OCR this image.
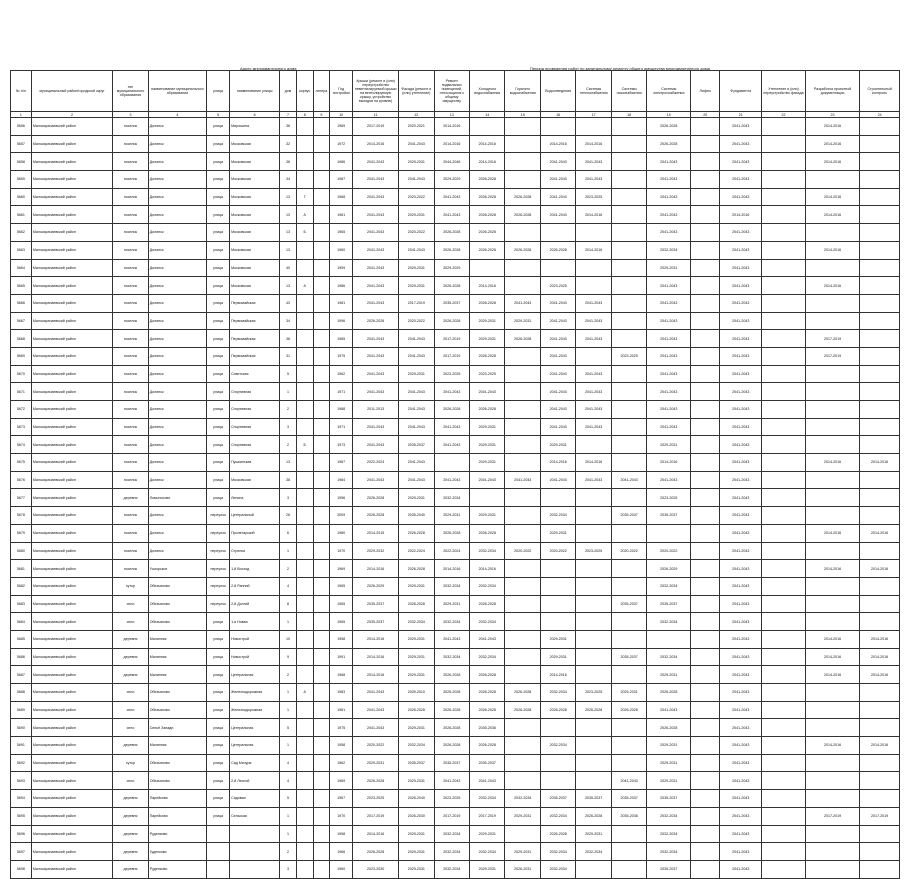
Адрес многоквартирного дома	Период проведения работ по капитальному ремонту общего имущества многоквартирного дома
№ п/п	муниципальный район/городской округ	тип муниципального образования	наименование муниципального образования	улица	наименование улицы	дом	корпус	литера	Год постройки	Крыши (ремонт и (или) переустройство невентилируемой крыши на вентилируемую крышу, устройство выходов на кровлю)	Фасада (ремонт и (или) утепление)	Ремонт подвальных помещений, относящихся к общему имуществу	Холодного водоснабжения	Горячего водоснабжения	Водоотведения	Системы теплоснабжения	Системы газоснабжения	Системы электроснабжения	Лифты	Фундамента	Утепление и (или) переустройство фасада	Разработка проектной документации	Строительный контроль
1	2	3	4	5	6	7	8	9	10	11	12	13	14	15	16	17	18	19	20	21	22	23	24
5656	Малокарачаевский район	поселок	Долинск	улица	Мирошина	36			1969	2017-2019	2020-2021	2014-2016						2026-2028		2041-2043		2014-2016	
5657	Малокарачаевский район	поселок	Долинск	улица	Московская	32			1972	2014-2016	2041-2043	2014-2016	2014-2016		2014-2016	2014-2016		2026-2028		2041-2043		2014-2016	
5658	Малокарачаевский район	поселок	Долинск	улица	Московская	36			1986	2041-2043	2029-2031	2044-2046	2014-2016		2041-2043	2041-2043		2041-2043		2041-2043		2014-2016	
5659	Малокарачаевский район	поселок	Долинск	улица	Московская	34			1987	2041-2043	2041-2043	2029-2029	2026-2028		2041-2043	2041-2043		2041-2043		2041-2043			
5660	Малокарачаевский район	поселок	Долинск	улица	Московская	13	Г		1968	2041-2043	2020-2022	2041-2043	2026-2028	2026-2028	2041-2043	2023-2025		2041-2043		2041-2043		2014-2016	
5661	Малокарачаевский район	поселок	Долинск	улица	Московская	13	А		1961	2041-2043	2029-2031	2041-2043	2026-2028	2026-2028	2041-2043	2014-2016		2041-2043		2014-2016		2014-2016	
5662	Малокарачаевский район	поселок	Долинск	улица	Московская	13	Б		1965	2041-2043	2020-2022	2026-2028	2026-2028					2041-2043		2041-2043			
5663	Малокарачаевский район	поселок	Долинск	улица	Московская	13			1960	2041-2043	2041-2043	2026-2028	2026-2028	2026-2028	2026-2028	2014-2016		2032-2034		2041-2043		2014-2016	
5664	Малокарачаевский район	поселок	Долинск	улица	Московская	40			1959	2041-2043	2029-2031	2029-2029						2029-2031		2041-2043			
5665	Малокарачаевский район	поселок	Долинск	улица	Московская	13	А		1986	2041-2043	2029-2031	2026-2028	2014-2016		2023-2025			2041-2043		2041-2043		2014-2016	
5666	Малокарачаевский район	поселок	Долинск	улица	Первомайская	43			1981	2041-2043	2017-2019	2035-2037	2026-2028	2041-2043	2041-2043	2041-2043		2041-2043		2041-2043			
5667	Малокарачаевский район	поселок	Долинск	улица	Первомайская	34			1996	2026-2028	2020-2022	2026-2028	2029-2031	2029-2031	2041-2043	2041-2043		2041-2043		2041-2043			
5668	Малокарачаевский район	поселок	Долинск	улица	Первомайская	36			1965	2041-2043	2041-2043	2017-2019	2029-2031	2026-2028	2041-2043	2041-2043		2041-2043		2041-2043		2017-2019	
5669	Малокарачаевский район	поселок	Долинск	улица	Первомайская	31			1975	2041-2043	2041-2043	2017-2019	2026-2028		2041-2043		2023-2025	2041-2043		2041-2043		2017-2019	
5670	Малокарачаевский район	поселок	Долинск	улица	Советская	5			1962	2041-2043	2029-2031	2023-2025	2023-2025		2041-2043	2041-2043		2041-2043		2041-2043			
5671	Малокарачаевский район	поселок	Долинск	улица	Спортивная	1			1971	2041-2043	2041-2043	2041-2043	2041-2043		2041-2043	2041-2043		2041-2043		2041-2043			
5672	Малокарачаевский район	поселок	Долинск	улица	Спортивная	2			1988	2011-2013	2041-2043	2026-2028	2026-2028		2041-2043	2041-2043		2041-2043		2041-2043			
5673	Малокарачаевский район	поселок	Долинск	улица	Спортивная	3			1971	2041-2043	2041-2043	2041-2043	2029-2031		2041-2043	2041-2043		2041-2043		2041-2043			
5674	Малокарачаевский район	поселок	Долинск	улица	Спортивная	2	Б		1973	2041-2043	2035-2037	2041-2043	2029-2031		2029-2031			2029-2031		2041-2043			
5675	Малокарачаевский район	поселок	Долинск	улица	Пушкинская	13			1987	2022-2024	2041-2043		2029-2031		2014-2016	2014-2016		2014-2016		2041-2043		2014-2016	2014-2016
5676	Малокарачаевский район	поселок	Долинск	улица	Московская	38			1984	2041-2043	2041-2043	2041-2043	2041-2043	2041-2043	2041-2043	2041-2043	2041-2043	2041-2043		2041-2043			
5677	Малокарачаевский район	деревня	Ломоносово	улица	Ленина	3			1956	2026-2028	2029-2031	2032-2034						2023-2025		2041-2043			
5678	Малокарачаевский район	поселок	Долинск	переулок	Центральный	26			2009	2026-2028	2035-2040	2029-2031	2029-2031		2032-2034		2035-2037	2035-2037		2041-2043			
5679	Малокарачаевский район	поселок	Долинск	переулок	Пролетарский	6			1980	2014-2015	2026-2028	2026-2028	2026-2028		2029-2031					2041-2043		2014-2016	2014-2016
5680	Малокарачаевский район	поселок	Долинск	переулок	Стрелка	1			1970	2029-2032	2022-2024	2022-2024	2032-2034	2020-2022	2020-2022	2023-2025	2020-2022	2020-2022		2041-2043			
5681	Малокарачаевский район	поселок	Ушгорское	переулок	1-й Восход	2			1969	2014-2016	2026-2028	2014-2016	2014-2016					2026-2029		2041-2043		2014-2016	2014-2016
5682	Малокарачаевский район	хутор	Обезьяново	переулок	2-й Ранний	4			1965	2026-2029	2029-2031	2032-2034	2032-2034					2032-2034		2041-2043			
5683	Малокарачаевский район	село	Обезьяново	переулок	2-й Долгий	8			1965	2035-2037	2026-2028	2029-2031	2026-2028				2035-2037	2035-2037		2041-2043			
5684	Малокарачаевский район	село	Обезьяново	улица	1-я Новая	1			1965	2035-2037	2032-2034	2032-2034	2032-2034					2032-2034		2041-2043			
5685	Малокарачаевский район	деревня	Малинник	улица	Новострой	10			1958	2014-2016	2029-2031	2041-2043	2041-2043		2029-2031					2041-2043		2014-2016	2014-2016
5686	Малокарачаевский район	деревня	Малинник	улица	Новострой	9			1991	2014-2016	2029-2031	2032-2034	2032-2034		2029-2031		2035-2037	2032-2034		2041-2043		2014-2016	2014-2016
5687	Малокарачаевский район	деревня	Малинник	улица	Центральная	2			1968	2014-2016	2029-2031	2026-2028	2026-2028		2014-2016			2029-2031		2041-2043		2014-2016	2014-2016
5688	Малокарачаевский район	село	Обезьяново	улица	Железнодорожная	1	А		1983	2041-2043	2009-2010	2026-2028	2026-2028	2026-2028	2032-2034	2023-2025	2029-2031	2026-2028		2041-2043			
5689	Малокарачаевский район	село	Обезьяново	улица	Железнодорожная	1			1981	2041-2043	2026-2028	2026-2028	2026-2028	2026-2028	2026-2028	2026-2028	2026-2028	2041-2043		2041-2043			
5690	Малокарачаевский район	село	Сеньё Западн.	улица	Центральная	5			1975	2041-2043	2029-2031	2026-2028	2035-2036					2026-2028		2041-2043			
5691	Малокарачаевский район	деревня	Малинник	улица	Центральная	1			1958	2020-2022	2032-2034	2026-2028	2026-2028		2032-2034			2029-2031		2041-2043		2014-2016	2014-2016
5692	Малокарачаевский район	хутор	Обезьяново	улица	Сад Мичура	4			1962	2029-2031	2035-2037	2035-2037	2035-2037					2029-2031		2041-2043			
5693	Малокарачаевский район	село	Обезьяново	улица	2-й Лесной	4			1969	2026-2028	2029-2031	2041-2043	2041-2043				2041-2043	2029-2031		2041-2043			
5694	Малокарачаевский район	деревня	Парейково	улица	Садовая	5			1967	2023-2025	2026-2040	2023-2025	2032-2034	2032-2034	2035-2037	2035-2037	2035-2037	2035-2037		2041-2043			
5695	Малокарачаевский район	деревня	Парейково	улица	Сельская	1			1970	2017-2019	2026-2030	2017-2019	2017-2019	2029-2031	2032-2034	2026-2028	2035-2036	2032-2034		2041-2043		2017-2019	2017-2019
5696	Малокарачаевский район	деревня	Руденково			1			1958	2014-2016	2029-2031	2032-2034	2029-2031		2026-2028	2029-2031		2032-2034		2041-2043			
5697	Малокарачаевский район	деревня	Гуденково			2			1966	2026-2028	2029-2031	2032-2034	2032-2034	2029-2031	2032-2034	2032-2034		2032-2034		2041-2043			
5698	Малокарачаевский район	деревня	Руденково			3			1960	2023-2030	2029-2031	2032-2034	2029-2031	2026-2031	2032-2034			2035-2037		2041-2043			
